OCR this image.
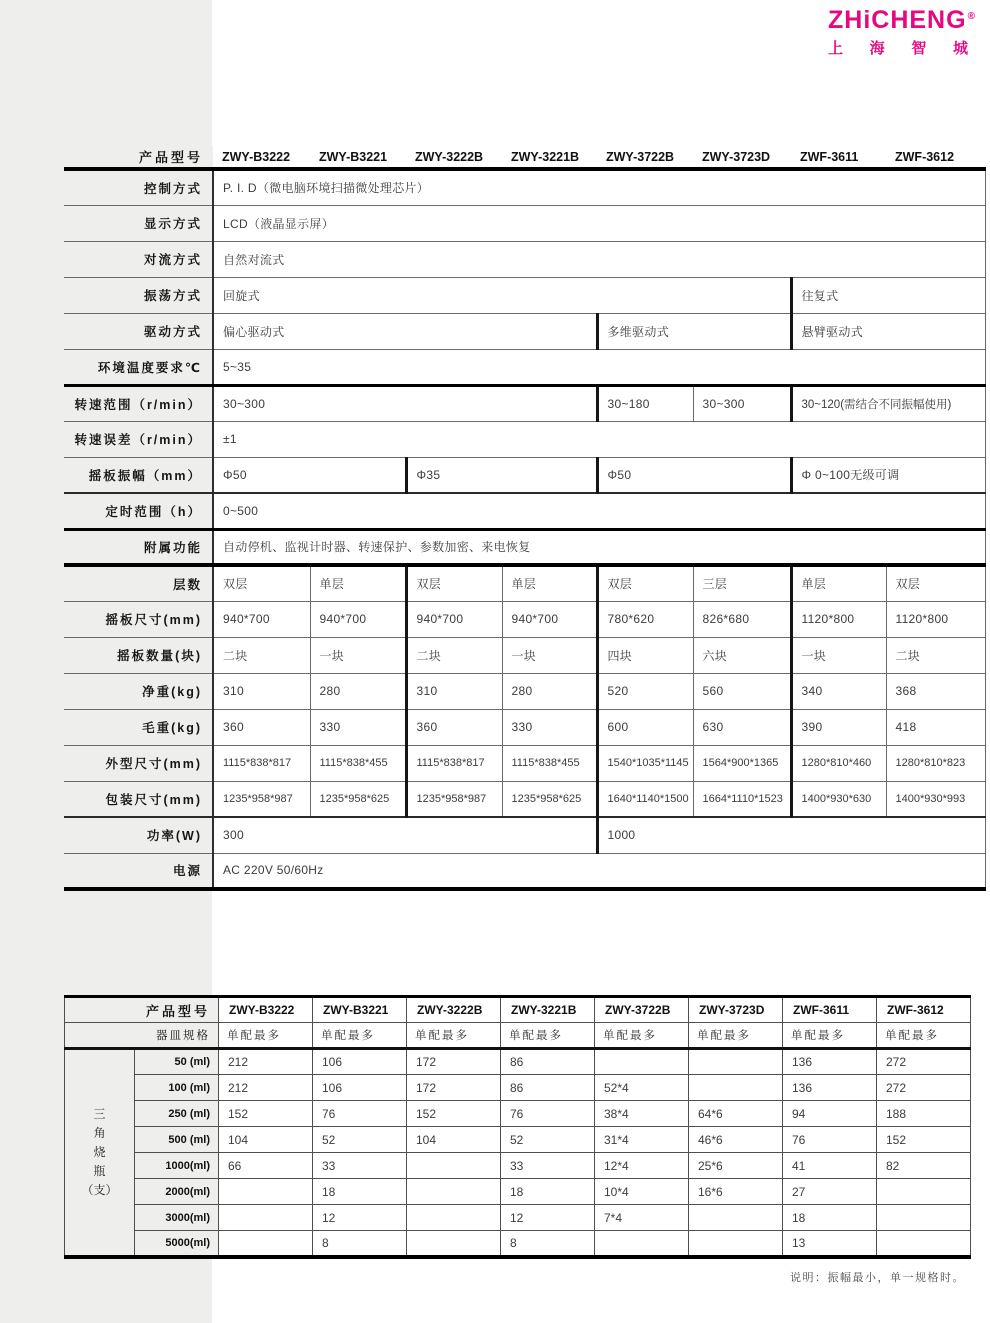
ZHiCHENG®
上 海 智 城
产品型号	ZWY-B3222	ZWY-B3221	ZWY-3222B	ZWY-3221B	ZWY-3722B	ZWY-3723D	ZWF-3611	ZWF-3612
控制方式	P. I. D（微电脑环境扫描微处理芯片）							
显示方式	LCD（液晶显示屏）							
对流方式	自然对流式							
振荡方式	回旋式						往复式	
驱动方式	偏心驱动式				多维驱动式		悬臂驱动式	
环境温度要求℃	5~35							
转速范围（r/min）	30~300				30~180	30~300	30~120(需结合不同振幅使用)	
转速误差（r/min）	±1							
摇板振幅（mm）	Φ50		Φ35		Φ50		Φ 0~100无级可调	
定时范围（h）	0~500							
附属功能	自动停机、监视计时器、转速保护、参数加密、来电恢复							
层数	双层	单层	双层	单层	双层	三层	单层	双层
摇板尺寸(mm)	940*700	940*700	940*700	940*700	780*620	826*680	1120*800	1120*800
摇板数量(块)	二块	一块	二块	一块	四块	六块	一块	二块
净重(kg)	310	280	310	280	520	560	340	368
毛重(kg)	360	330	360	330	600	630	390	418
外型尺寸(mm)	1115*838*817	1115*838*455	1115*838*817	1115*838*455	1540*1035*1145	1564*900*1365	1280*810*460	1280*810*823
包装尺寸(mm)	1235*958*987	1235*958*625	1235*958*987	1235*958*625	1640*1140*1500	1664*1110*1523	1400*930*630	1400*930*993
功率(W)	300				1000			
电源	AC 220V 50/60Hz							
产品型号		ZWY-B3222	ZWY-B3221	ZWY-3222B	ZWY-3221B	ZWY-3722B	ZWY-3723D	ZWF-3611	ZWF-3612
器皿规格		单配最多	单配最多	单配最多	单配最多	单配最多	单配最多	单配最多	单配最多

三
角
烧
瓶
（支）	50 (ml)	212	106	172	86			136	272
	100 (ml)	212	106	172	86	52*4		136	272
	250 (ml)	152	76	152	76	38*4	64*6	94	188
	500 (ml)	104	52	104	52	31*4	46*6	76	152
	1000(ml)	66	33		33	12*4	25*6	41	82
	2000(ml)		18		18	10*4	16*6	27	
	3000(ml)		12		12	7*4		18	
	5000(ml)		8		8			13	
说明：振幅最小，单一规格时。
